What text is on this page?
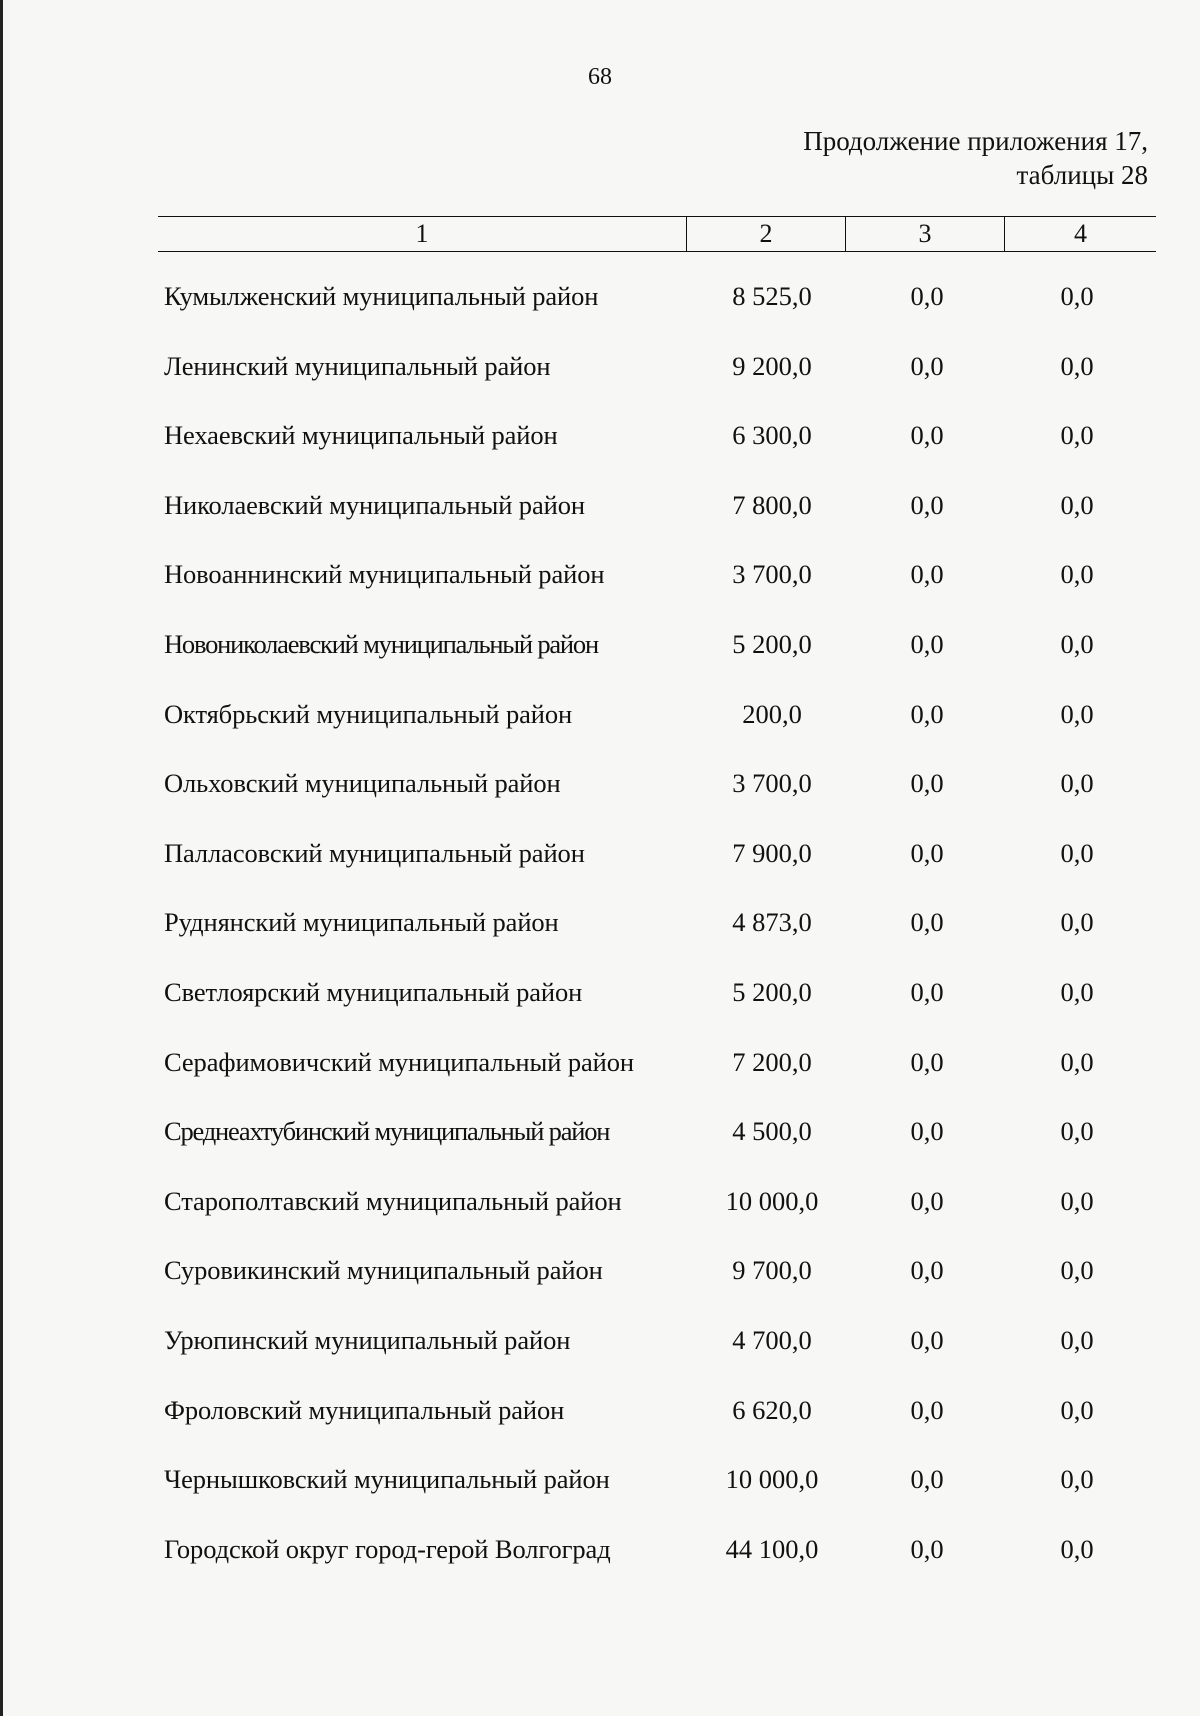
68
Продолжение приложения 17,
таблицы 28
1	2	3	4
Кумылженский муниципальный район	8 525,0	0,0	0,0
Ленинский муниципальный район	9 200,0	0,0	0,0
Нехаевский муниципальный район	6 300,0	0,0	0,0
Николаевский муниципальный район	7 800,0	0,0	0,0
Новоаннинский муниципальный район	3 700,0	0,0	0,0
Новониколаевский муниципальный район	5 200,0	0,0	0,0
Октябрьский муниципальный район	200,0	0,0	0,0
Ольховский муниципальный район	3 700,0	0,0	0,0
Палласовский муниципальный район	7 900,0	0,0	0,0
Руднянский муниципальный район	4 873,0	0,0	0,0
Светлоярский муниципальный район	5 200,0	0,0	0,0
Серафимовичский муниципальный район	7 200,0	0,0	0,0
Среднеахтубинский муниципальный район	4 500,0	0,0	0,0
Старополтавский муниципальный район	10 000,0	0,0	0,0
Суровикинский муниципальный район	9 700,0	0,0	0,0
Урюпинский муниципальный район	4 700,0	0,0	0,0
Фроловский муниципальный район	6 620,0	0,0	0,0
Чернышковский муниципальный район	10 000,0	0,0	0,0
Городской округ город-герой Волгоград	44 100,0	0,0	0,0
